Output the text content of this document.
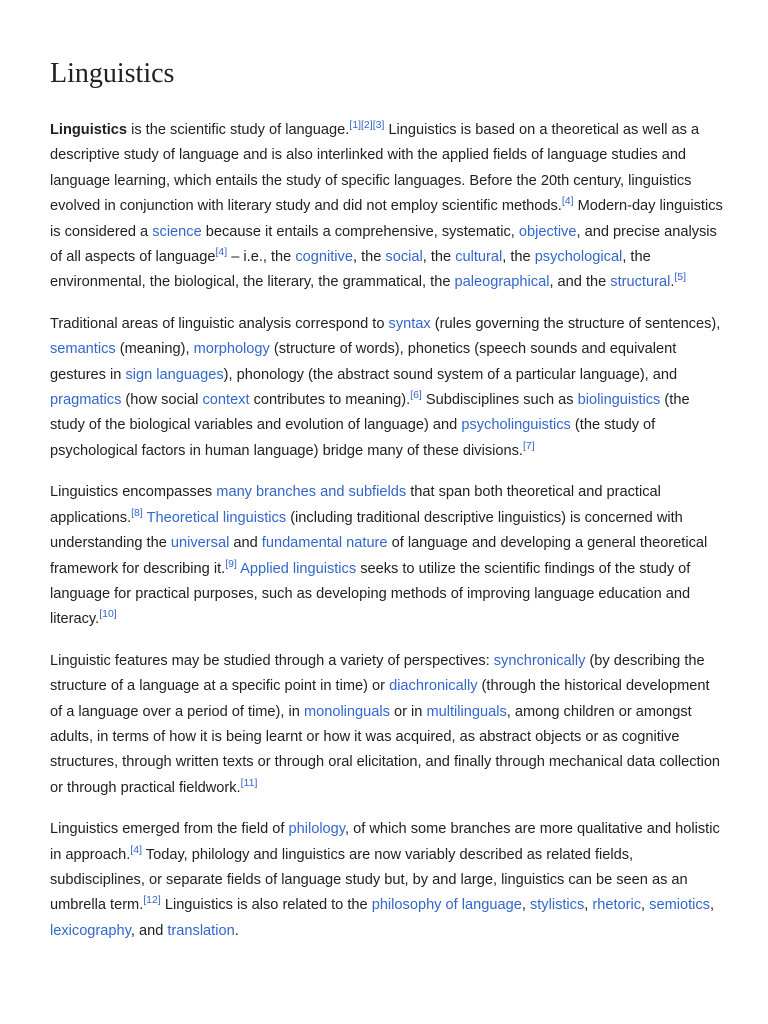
Linguistics

Linguistics is the scientific study of language.[1][2][3] Linguistics is based on a theoretical as well as a descriptive study of language and is also interlinked with the applied fields of language studies and language learning, which entails the study of specific languages. Before the 20th century, linguistics evolved in conjunction with literary study and did not employ scientific methods.[4] Modern-day linguistics is considered a science because it entails a comprehensive, systematic, objective, and precise analysis of all aspects of language[4] – i.e., the cognitive, the social, the cultural, the psychological, the environmental, the biological, the literary, the grammatical, the paleographical, and the structural.[5]

Traditional areas of linguistic analysis correspond to syntax (rules governing the structure of sentences), semantics (meaning), morphology (structure of words), phonetics (speech sounds and equivalent gestures in sign languages), phonology (the abstract sound system of a particular language), and pragmatics (how social context contributes to meaning).[6] Subdisciplines such as biolinguistics (the study of the biological variables and evolution of language) and psycholinguistics (the study of psychological factors in human language) bridge many of these divisions.[7]

Linguistics encompasses many branches and subfields that span both theoretical and practical applications.[8] Theoretical linguistics (including traditional descriptive linguistics) is concerned with understanding the universal and fundamental nature of language and developing a general theoretical framework for describing it.[9] Applied linguistics seeks to utilize the scientific findings of the study of language for practical purposes, such as developing methods of improving language education and literacy.[10]

Linguistic features may be studied through a variety of perspectives: synchronically (by describing the structure of a language at a specific point in time) or diachronically (through the historical development of a language over a period of time), in monolinguals or in multilinguals, among children or amongst adults, in terms of how it is being learnt or how it was acquired, as abstract objects or as cognitive structures, through written texts or through oral elicitation, and finally through mechanical data collection or through practical fieldwork.[11]

Linguistics emerged from the field of philology, of which some branches are more qualitative and holistic in approach.[4] Today, philology and linguistics are now variably described as related fields, subdisciplines, or separate fields of language study but, by and large, linguistics can be seen as an umbrella term.[12] Linguistics is also related to the philosophy of language, stylistics, rhetoric, semiotics, lexicography, and translation.
